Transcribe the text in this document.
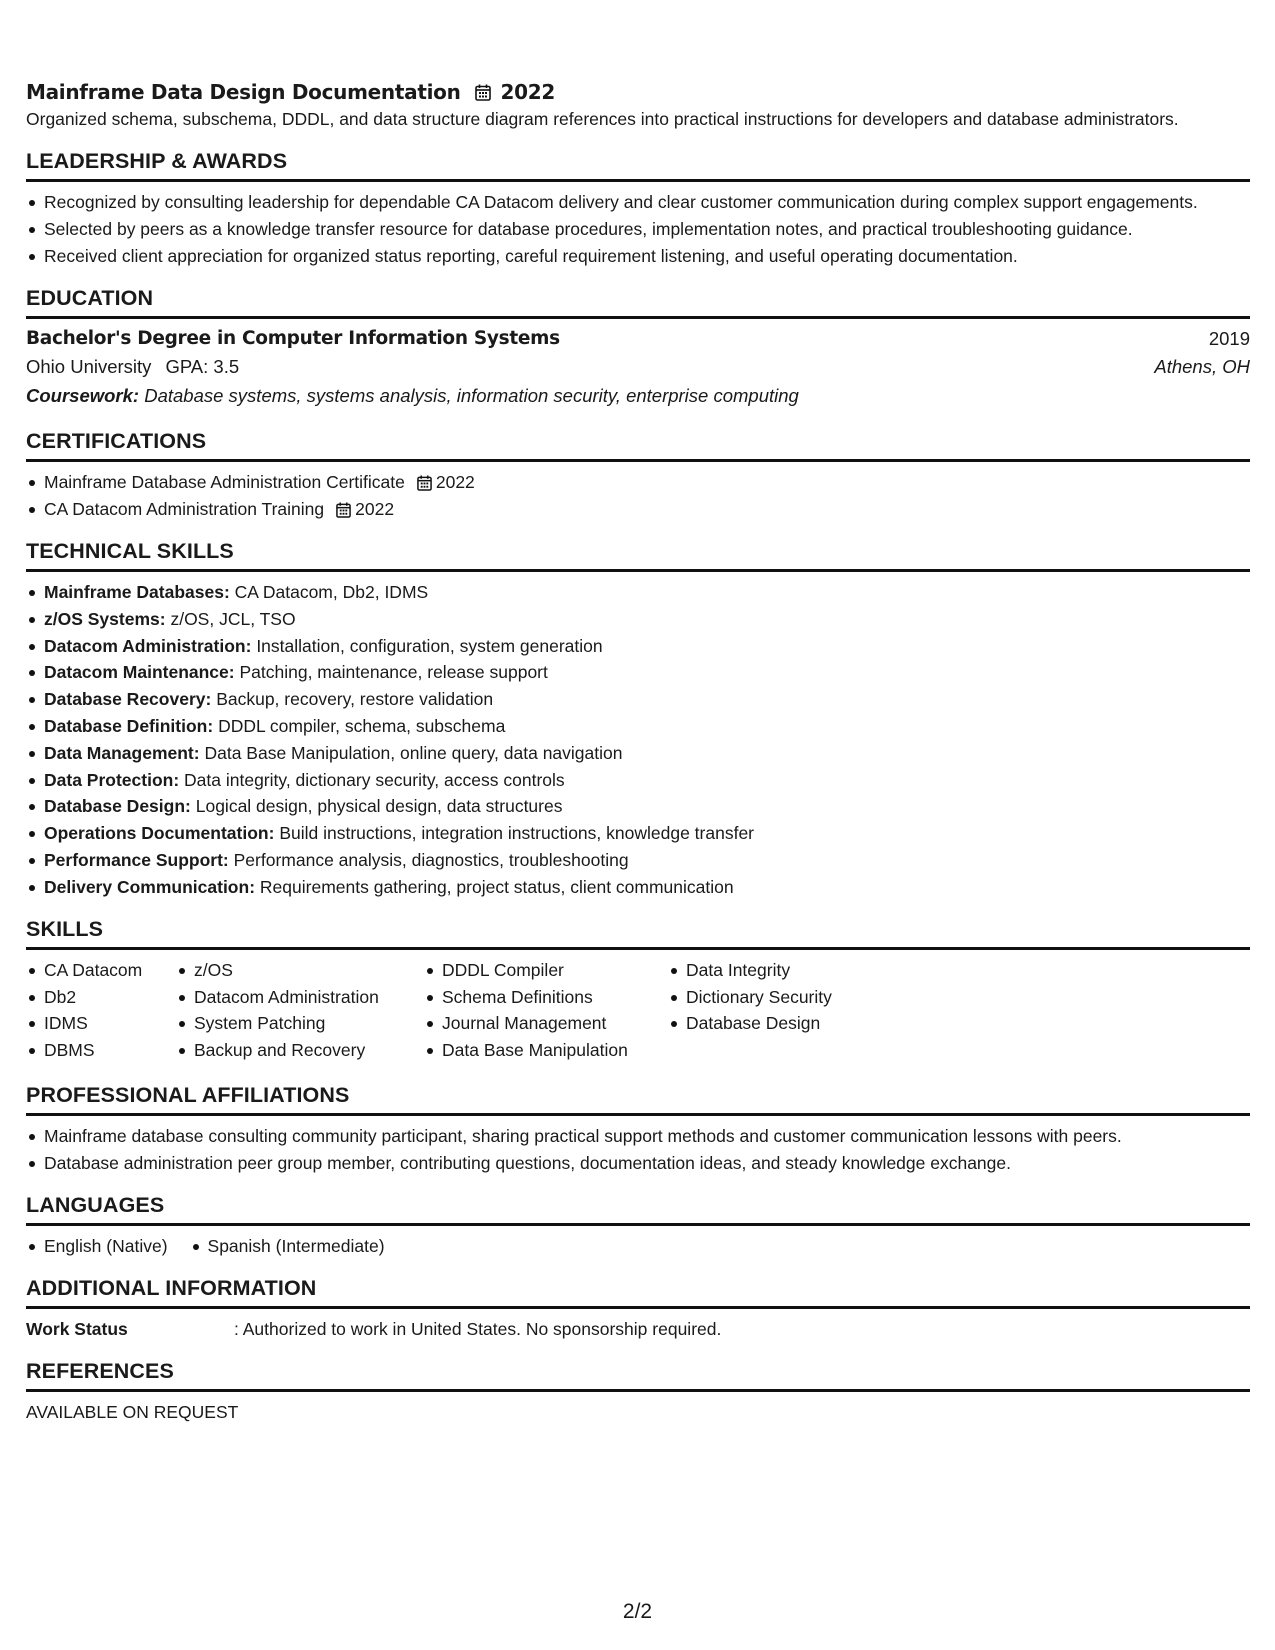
Mainframe Data Design Documentation 2022
Organized schema, subschema, DDDL, and data structure diagram references into practical instructions for developers and database administrators.
LEADERSHIP & AWARDS
Recognized by consulting leadership for dependable CA Datacom delivery and clear customer communication during complex support engagements.
Selected by peers as a knowledge transfer resource for database procedures, implementation notes, and practical troubleshooting guidance.
Received client appreciation for organized status reporting, careful requirement listening, and useful operating documentation.
EDUCATION
Bachelor's Degree in Computer Information Systems	2019
Ohio University GPA: 3.5	Athens, OH
Coursework: Database systems, systems analysis, information security, enterprise computing
CERTIFICATIONS
Mainframe Database Administration Certificate 2022
CA Datacom Administration Training 2022
TECHNICAL SKILLS
Mainframe Databases: CA Datacom, Db2, IDMS
z/OS Systems: z/OS, JCL, TSO
Datacom Administration: Installation, configuration, system generation
Datacom Maintenance: Patching, maintenance, release support
Database Recovery: Backup, recovery, restore validation
Database Definition: DDDL compiler, schema, subschema
Data Management: Data Base Manipulation, online query, data navigation
Data Protection: Data integrity, dictionary security, access controls
Database Design: Logical design, physical design, data structures
Operations Documentation: Build instructions, integration instructions, knowledge transfer
Performance Support: Performance analysis, diagnostics, troubleshooting
Delivery Communication: Requirements gathering, project status, client communication
SKILLS
CA Datacom
Db2
IDMS
DBMS
z/OS
Datacom Administration
System Patching
Backup and Recovery
DDDL Compiler
Schema Definitions
Journal Management
Data Base Manipulation
Data Integrity
Dictionary Security
Database Design
PROFESSIONAL AFFILIATIONS
Mainframe database consulting community participant, sharing practical support methods and customer communication lessons with peers.
Database administration peer group member, contributing questions, documentation ideas, and steady knowledge exchange.
LANGUAGES
English (Native)	Spanish (Intermediate)
ADDITIONAL INFORMATION
Work Status	: Authorized to work in United States. No sponsorship required.
REFERENCES
AVAILABLE ON REQUEST
2/2
